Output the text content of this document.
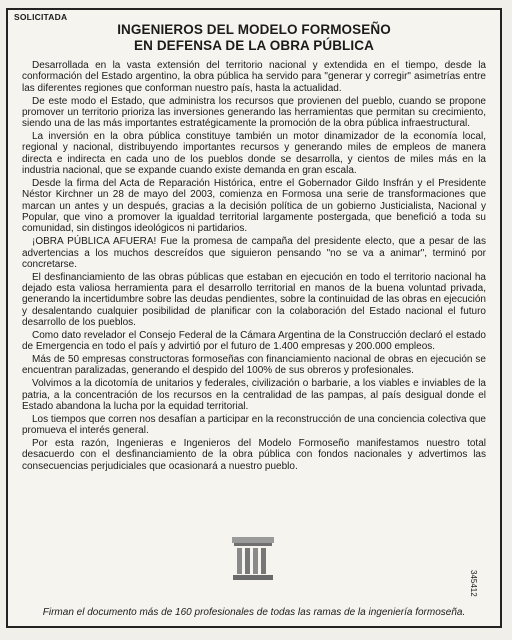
SOLICITADA
INGENIEROS DEL MODELO FORMOSEÑO
EN DEFENSA DE LA OBRA PÚBLICA

Desarrollada en la vasta extensión del territorio nacional y extendida en el tiempo, desde la conformación del Estado argentino, la obra pública ha servido para "generar y corregir" asimetrías entre las diferentes regiones que conforman nuestro país, hasta la actualidad.

De este modo el Estado, que administra los recursos que provienen del pueblo, cuando se propone promover un territorio prioriza las inversiones generando las herramientas que permitan su crecimiento, siendo una de las más importantes estratégicamente la promoción de la obra pública infraestructural.

La inversión en la obra pública constituye también un motor dinamizador de la economía local, regional y nacional, distribuyendo importantes recursos y generando miles de empleos de manera directa e indirecta en cada uno de los pueblos donde se desarrolla, y cientos de miles más en la industria nacional, que se expande cuando existe demanda en gran escala.

Desde la firma del Acta de Reparación Histórica, entre el Gobernador Gildo Insfrán y el Presidente Néstor Kirchner un 28 de mayo del 2003, comienza en Formosa una serie de transformaciones que marcan un antes y un después, gracias a la decisión política de un gobierno Justicialista, Nacional y Popular, que vino a promover la igualdad territorial largamente postergada, que benefició a toda su comunidad, sin distingos ideológicos ni partidarios.

¡OBRA PÚBLICA AFUERA! Fue la promesa de campaña del presidente electo, que a pesar de las advertencias a los muchos descreídos que siguieron pensando "no se va a animar", terminó por concretarse.

El desfinanciamiento de las obras públicas que estaban en ejecución en todo el territorio nacional ha dejado esta valiosa herramienta para el desarrollo territorial en manos de la buena voluntad privada, generando la incertidumbre sobre las deudas pendientes, sobre la continuidad de las obras en ejecución y desalentando cualquier posibilidad de planificar con la colaboración del Estado nacional el futuro desarrollo de los pueblos.

Como dato revelador el Consejo Federal de la Cámara Argentina de la Construcción declaró el estado de Emergencia en todo el país y advirtió por el futuro de 1.400 empresas y 200.000 empleos.

Más de 50 empresas constructoras formoseñas con financiamiento nacional de obras en ejecución se encuentran paralizadas, generando el despido del 100% de sus obreros y profesionales.

Volvimos a la dicotomía de unitarios y federales, civilización o barbarie, a los viables e inviables de la patria, a la concentración de los recursos en la centralidad de las pampas, al país desigual donde el Estado abandona la lucha por la equidad territorial.

Los tiempos que corren nos desafían a participar en la reconstrucción de una conciencia colectiva que promueva el interés general.

Por esta razón, Ingenieras e Ingenieros del Modelo Formoseño manifestamos nuestro total desacuerdo con el desfinanciamiento de la obra pública con fondos nacionales y advertimos las consecuencias perjudiciales que ocasionará a nuestro pueblo.

345412
Firman el documento más de 160 profesionales de todas las ramas de la ingeniería formoseña.
